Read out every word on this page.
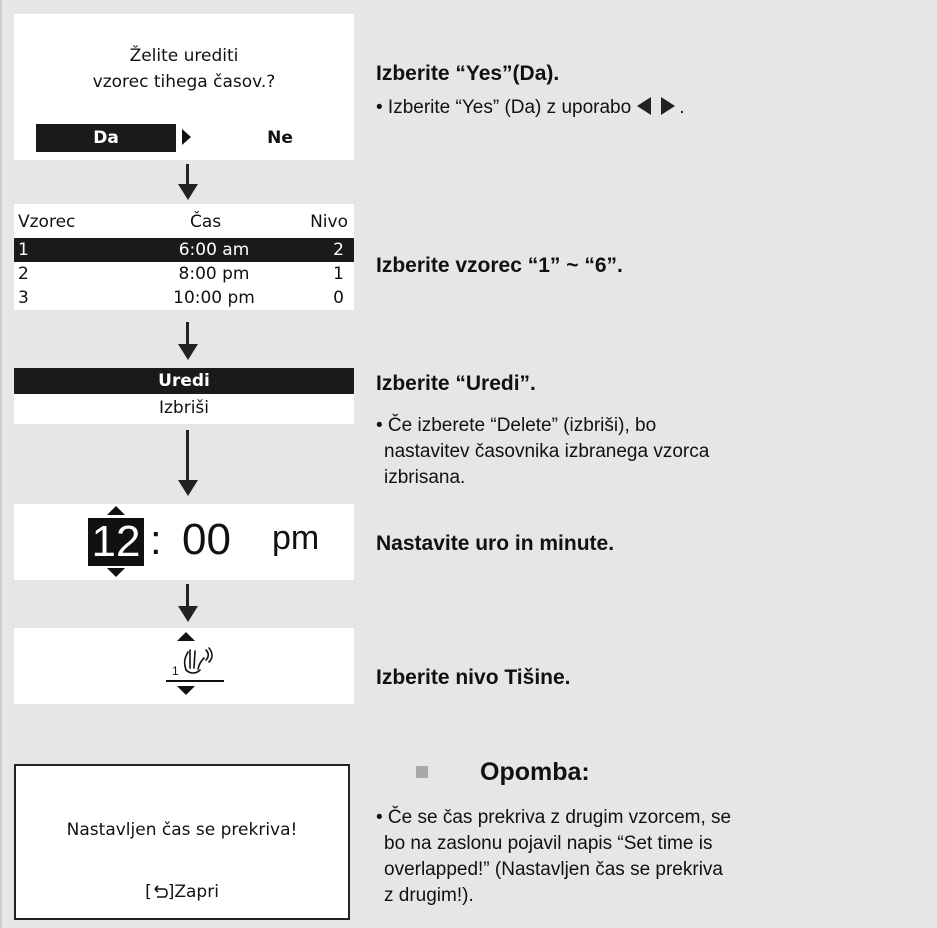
Želite urediti
vzorec tihega časov.?
Da	Ne
Vzorec	Čas	Nivo
1	6:00 am	2
2	8:00 pm	1
3	10:00 pm	0
Uredi
Izbriši
12 : 00 pm
1
Nastavljen čas se prekriva!
[ ]Zapri
Izberite “Yes”(Da).
• Izberite “Yes” (Da) z uporabo	.
Izberite vzorec “1” ~ “6”.
Izberite “Uredi”.
• Če izberete “Delete” (izbriši), bo
nastavitev časovnika izbranega vzorca
izbrisana.
Nastavite uro in minute.
Izberite nivo Tišine.
Opomba:
• Če se čas prekriva z drugim vzorcem, se
bo na zaslonu pojavil napis “Set time is
overlapped!” (Nastavljen čas se prekriva
z drugim!).
